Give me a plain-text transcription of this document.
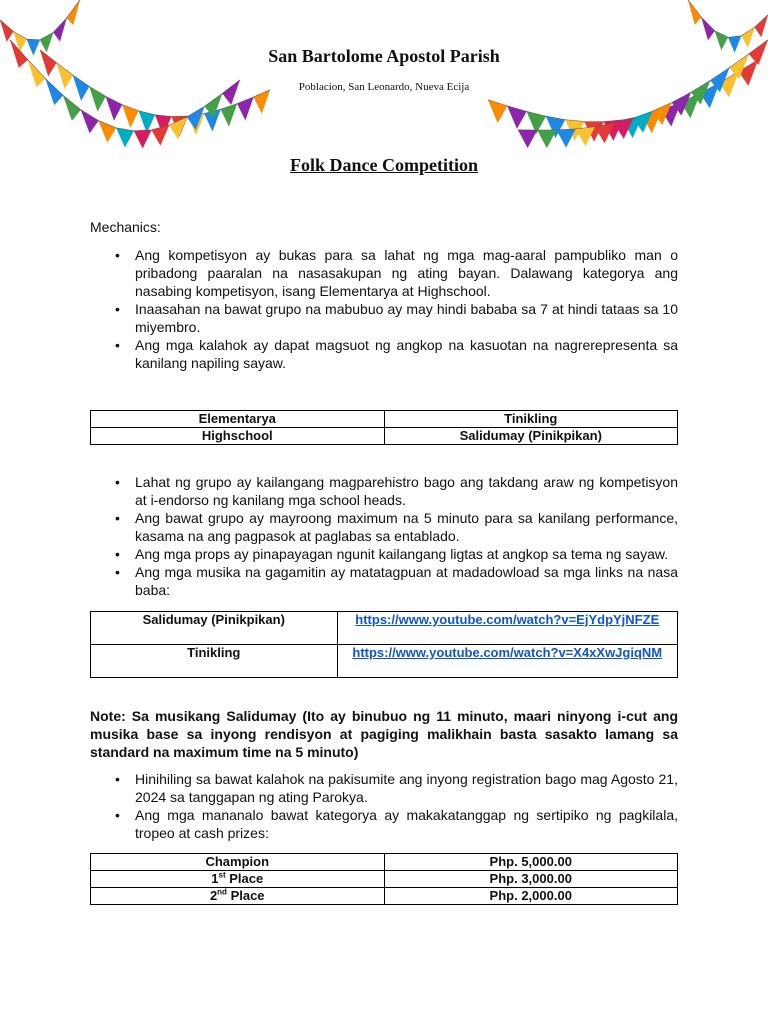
San Bartolome Apostol Parish
Poblacion, San Leonardo, Nueva Ecija
Folk Dance Competition
Mechanics:
• Ang kompetisyon ay bukas para sa lahat ng mga mag-aaral pampubliko man o pribadong paaralan na nasasakupan ng ating bayan. Dalawang kategorya ang nasabing kompetisyon, isang Elementarya at Highschool.
• Inaasahan na bawat grupo na mabubuo ay may hindi bababa sa 7 at hindi tataas sa 10 miyembro.
• Ang mga kalahok ay dapat magsuot ng angkop na kasuotan na nagrerepresenta sa kanilang napiling sayaw.
Elementarya	Tinikling
Highschool	Salidumay (Pinikpikan)
• Lahat ng grupo ay kailangang magparehistro bago ang takdang araw ng kompetisyon at i-endorso ng kanilang mga school heads.
• Ang bawat grupo ay mayroong maximum na 5 minuto para sa kanilang performance, kasama na ang pagpasok at paglabas sa entablado.
• Ang mga props ay pinapayagan ngunit kailangang ligtas at angkop sa tema ng sayaw.
• Ang mga musika na gagamitin ay matatagpuan at madadowload sa mga links na nasa baba:
Salidumay (Pinikpikan)	https://www.youtube.com/watch?v=EjYdpYjNFZE
Tinikling	https://www.youtube.com/watch?v=X4xXwJgiqNM
Note: Sa musikang Salidumay (Ito ay binubuo ng 11 minuto, maari ninyong i-cut ang musika base sa inyong rendisyon at pagiging malikhain basta sasakto lamang sa standard na maximum time na 5 minuto)
• Hinihiling sa bawat kalahok na pakisumite ang inyong registration bago mag Agosto 21, 2024 sa tanggapan ng ating Parokya.
• Ang mga mananalo bawat kategorya ay makakatanggap ng sertipiko ng pagkilala, tropeo at cash prizes:
Champion	Php. 5,000.00
1st Place	Php. 3,000.00
2nd Place	Php. 2,000.00
